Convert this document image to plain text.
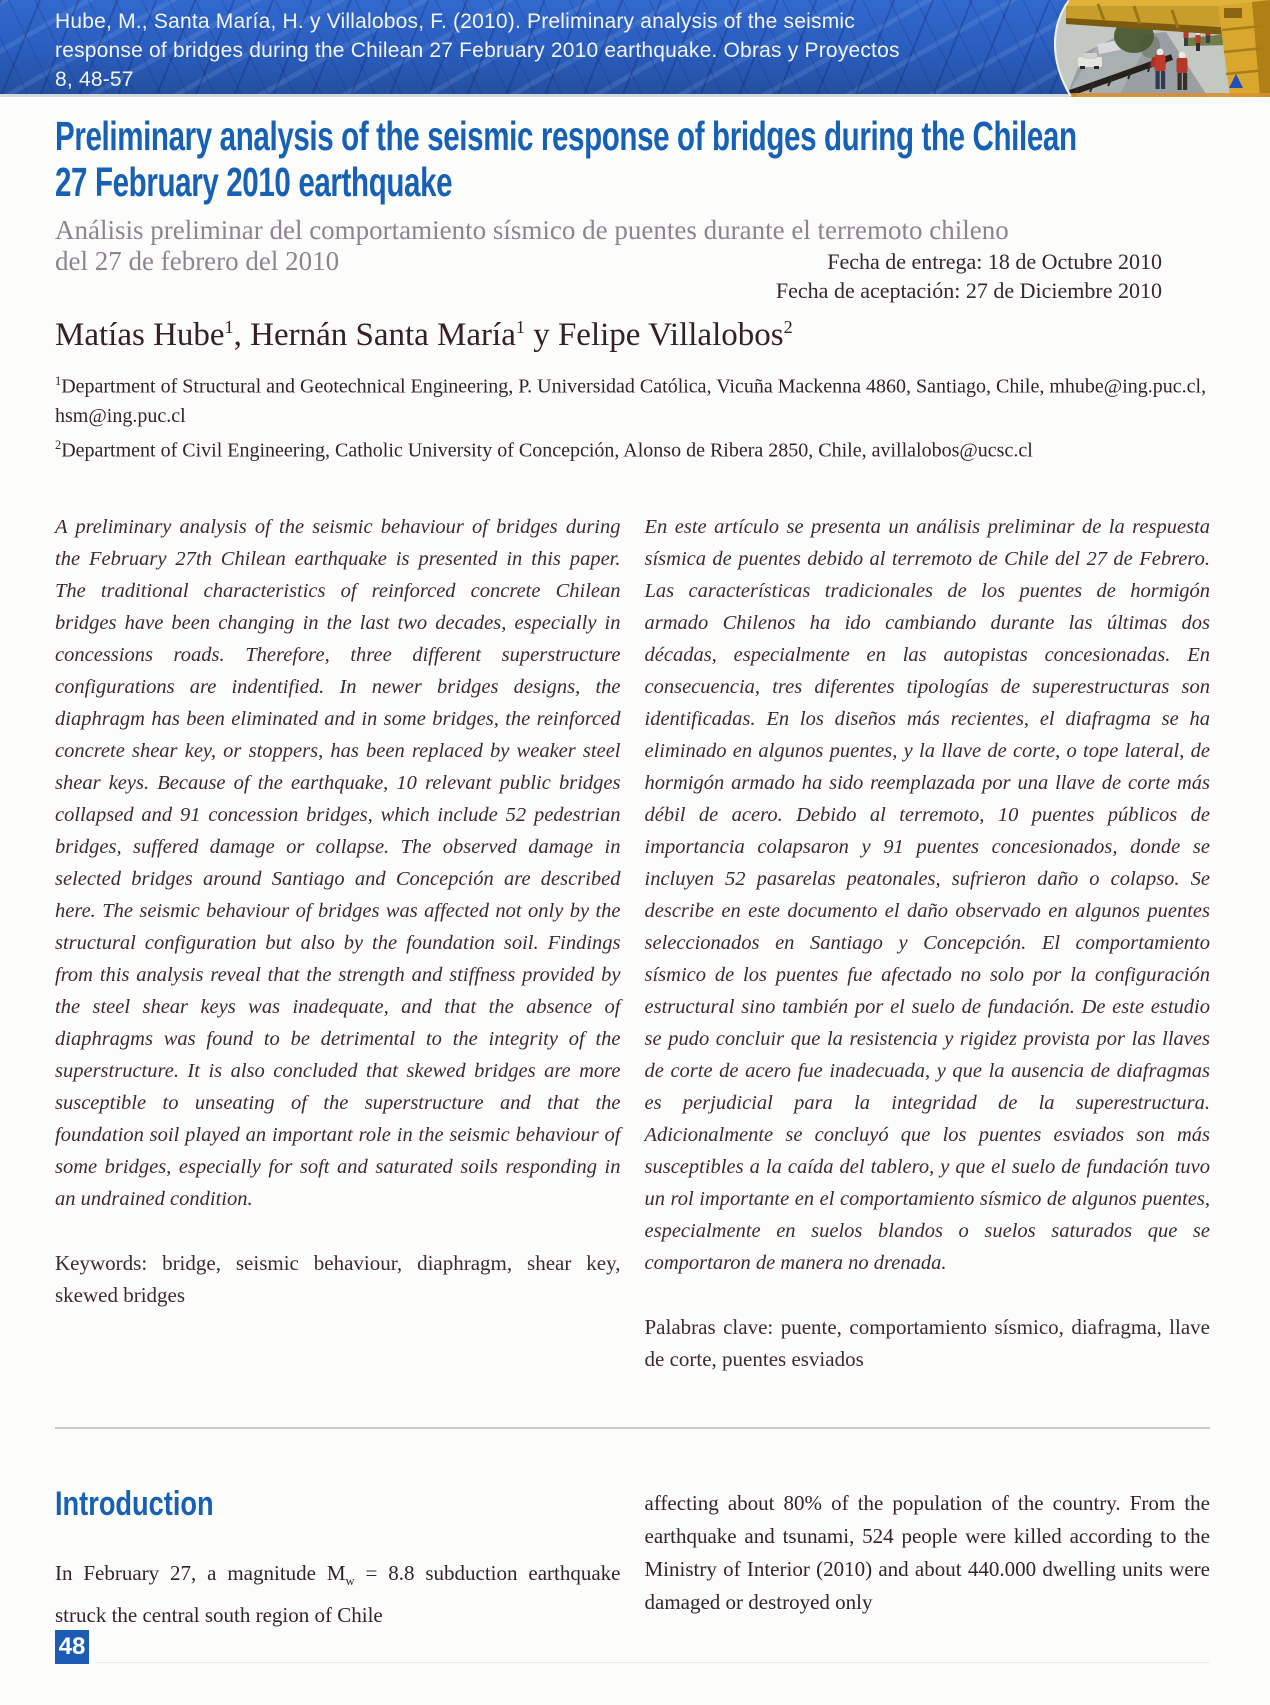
Hube, M., Santa María, H. y Villalobos, F. (2010). Preliminary analysis of the seismic
response of bridges during the Chilean 27 February 2010 earthquake. Obras y Proyectos
8, 48-57
Preliminary analysis of the seismic response of bridges during the Chilean
27 February 2010 earthquake
Análisis preliminar del comportamiento sísmico de puentes durante el terremoto chileno
del 27 de febrero del 2010	Fecha de entrega: 18 de Octubre 2010
Fecha de aceptación: 27 de Diciembre 2010
Matías Hube$^1$, Hernán Santa María$^1$ y Felipe Villalobos$^2$

$^1$Department of Structural and Geotechnical Engineering, P. Universidad Católica, Vicuña Mackenna 4860, Santiago, Chile, mhube@ing.puc.cl, hsm@ing.puc.cl

$^2$Department of Civil Engineering, Catholic University of Concepción, Alonso de Ribera 2850, Chile, avillalobos@ucsc.cl

A preliminary analysis of the seismic behaviour of bridges during the February 27th Chilean earthquake is presented in this paper. The traditional characteristics of reinforced concrete Chilean bridges have been changing in the last two decades, especially in concessions roads. Therefore, three different superstructure configurations are indentified. In newer bridges designs, the diaphragm has been eliminated and in some bridges, the reinforced concrete shear key, or stoppers, has been replaced by weaker steel shear keys. Because of the earthquake, 10 relevant public bridges collapsed and 91 concession bridges, which include 52 pedestrian bridges, suffered damage or collapse. The observed damage in selected bridges around Santiago and Concepción are described here. The seismic behaviour of bridges was affected not only by the structural configuration but also by the foundation soil. Findings from this analysis reveal that the strength and stiffness provided by the steel shear keys was inadequate, and that the absence of diaphragms was found to be detrimental to the integrity of the superstructure. It is also concluded that skewed bridges are more susceptible to unseating of the superstructure and that the foundation soil played an important role in the seismic behaviour of some bridges, especially for soft and saturated soils responding in an undrained condition.

Keywords: bridge, seismic behaviour, diaphragm, shear key, skewed bridges

En este artículo se presenta un análisis preliminar de la respuesta sísmica de puentes debido al terremoto de Chile del 27 de Febrero. Las características tradicionales de los puentes de hormigón armado Chilenos ha ido cambiando durante las últimas dos décadas, especialmente en las autopistas concesionadas. En consecuencia, tres diferentes tipologías de superestructuras son identificadas. En los diseños más recientes, el diafragma se ha eliminado en algunos puentes, y la llave de corte, o tope lateral, de hormigón armado ha sido reemplazada por una llave de corte más débil de acero. Debido al terremoto, 10 puentes públicos de importancia colapsaron y 91 puentes concesionados, donde se incluyen 52 pasarelas peatonales, sufrieron daño o colapso. Se describe en este documento el daño observado en algunos puentes seleccionados en Santiago y Concepción. El comportamiento sísmico de los puentes fue afectado no solo por la configuración estructural sino también por el suelo de fundación. De este estudio se pudo concluir que la resistencia y rigidez provista por las llaves de corte de acero fue inadecuada, y que la ausencia de diafragmas es perjudicial para la integridad de la superestructura. Adicionalmente se concluyó que los puentes esviados son más susceptibles a la caída del tablero, y que el suelo de fundación tuvo un rol importante en el comportamiento sísmico de algunos puentes, especialmente en suelos blandos o suelos saturados que se comportaron de manera no drenada.

Palabras clave: puente, comportamiento sísmico, diafragma, llave de corte, puentes esviados

Introduction

In February 27, a magnitude $M_w = 8.8$ subduction earthquake struck the central south region of Chile

affecting about 80% of the population of the country. From the earthquake and tsunami, 524 people were killed according to the Ministry of Interior (2010) and about 440.000 dwelling units were damaged or destroyed only

48
